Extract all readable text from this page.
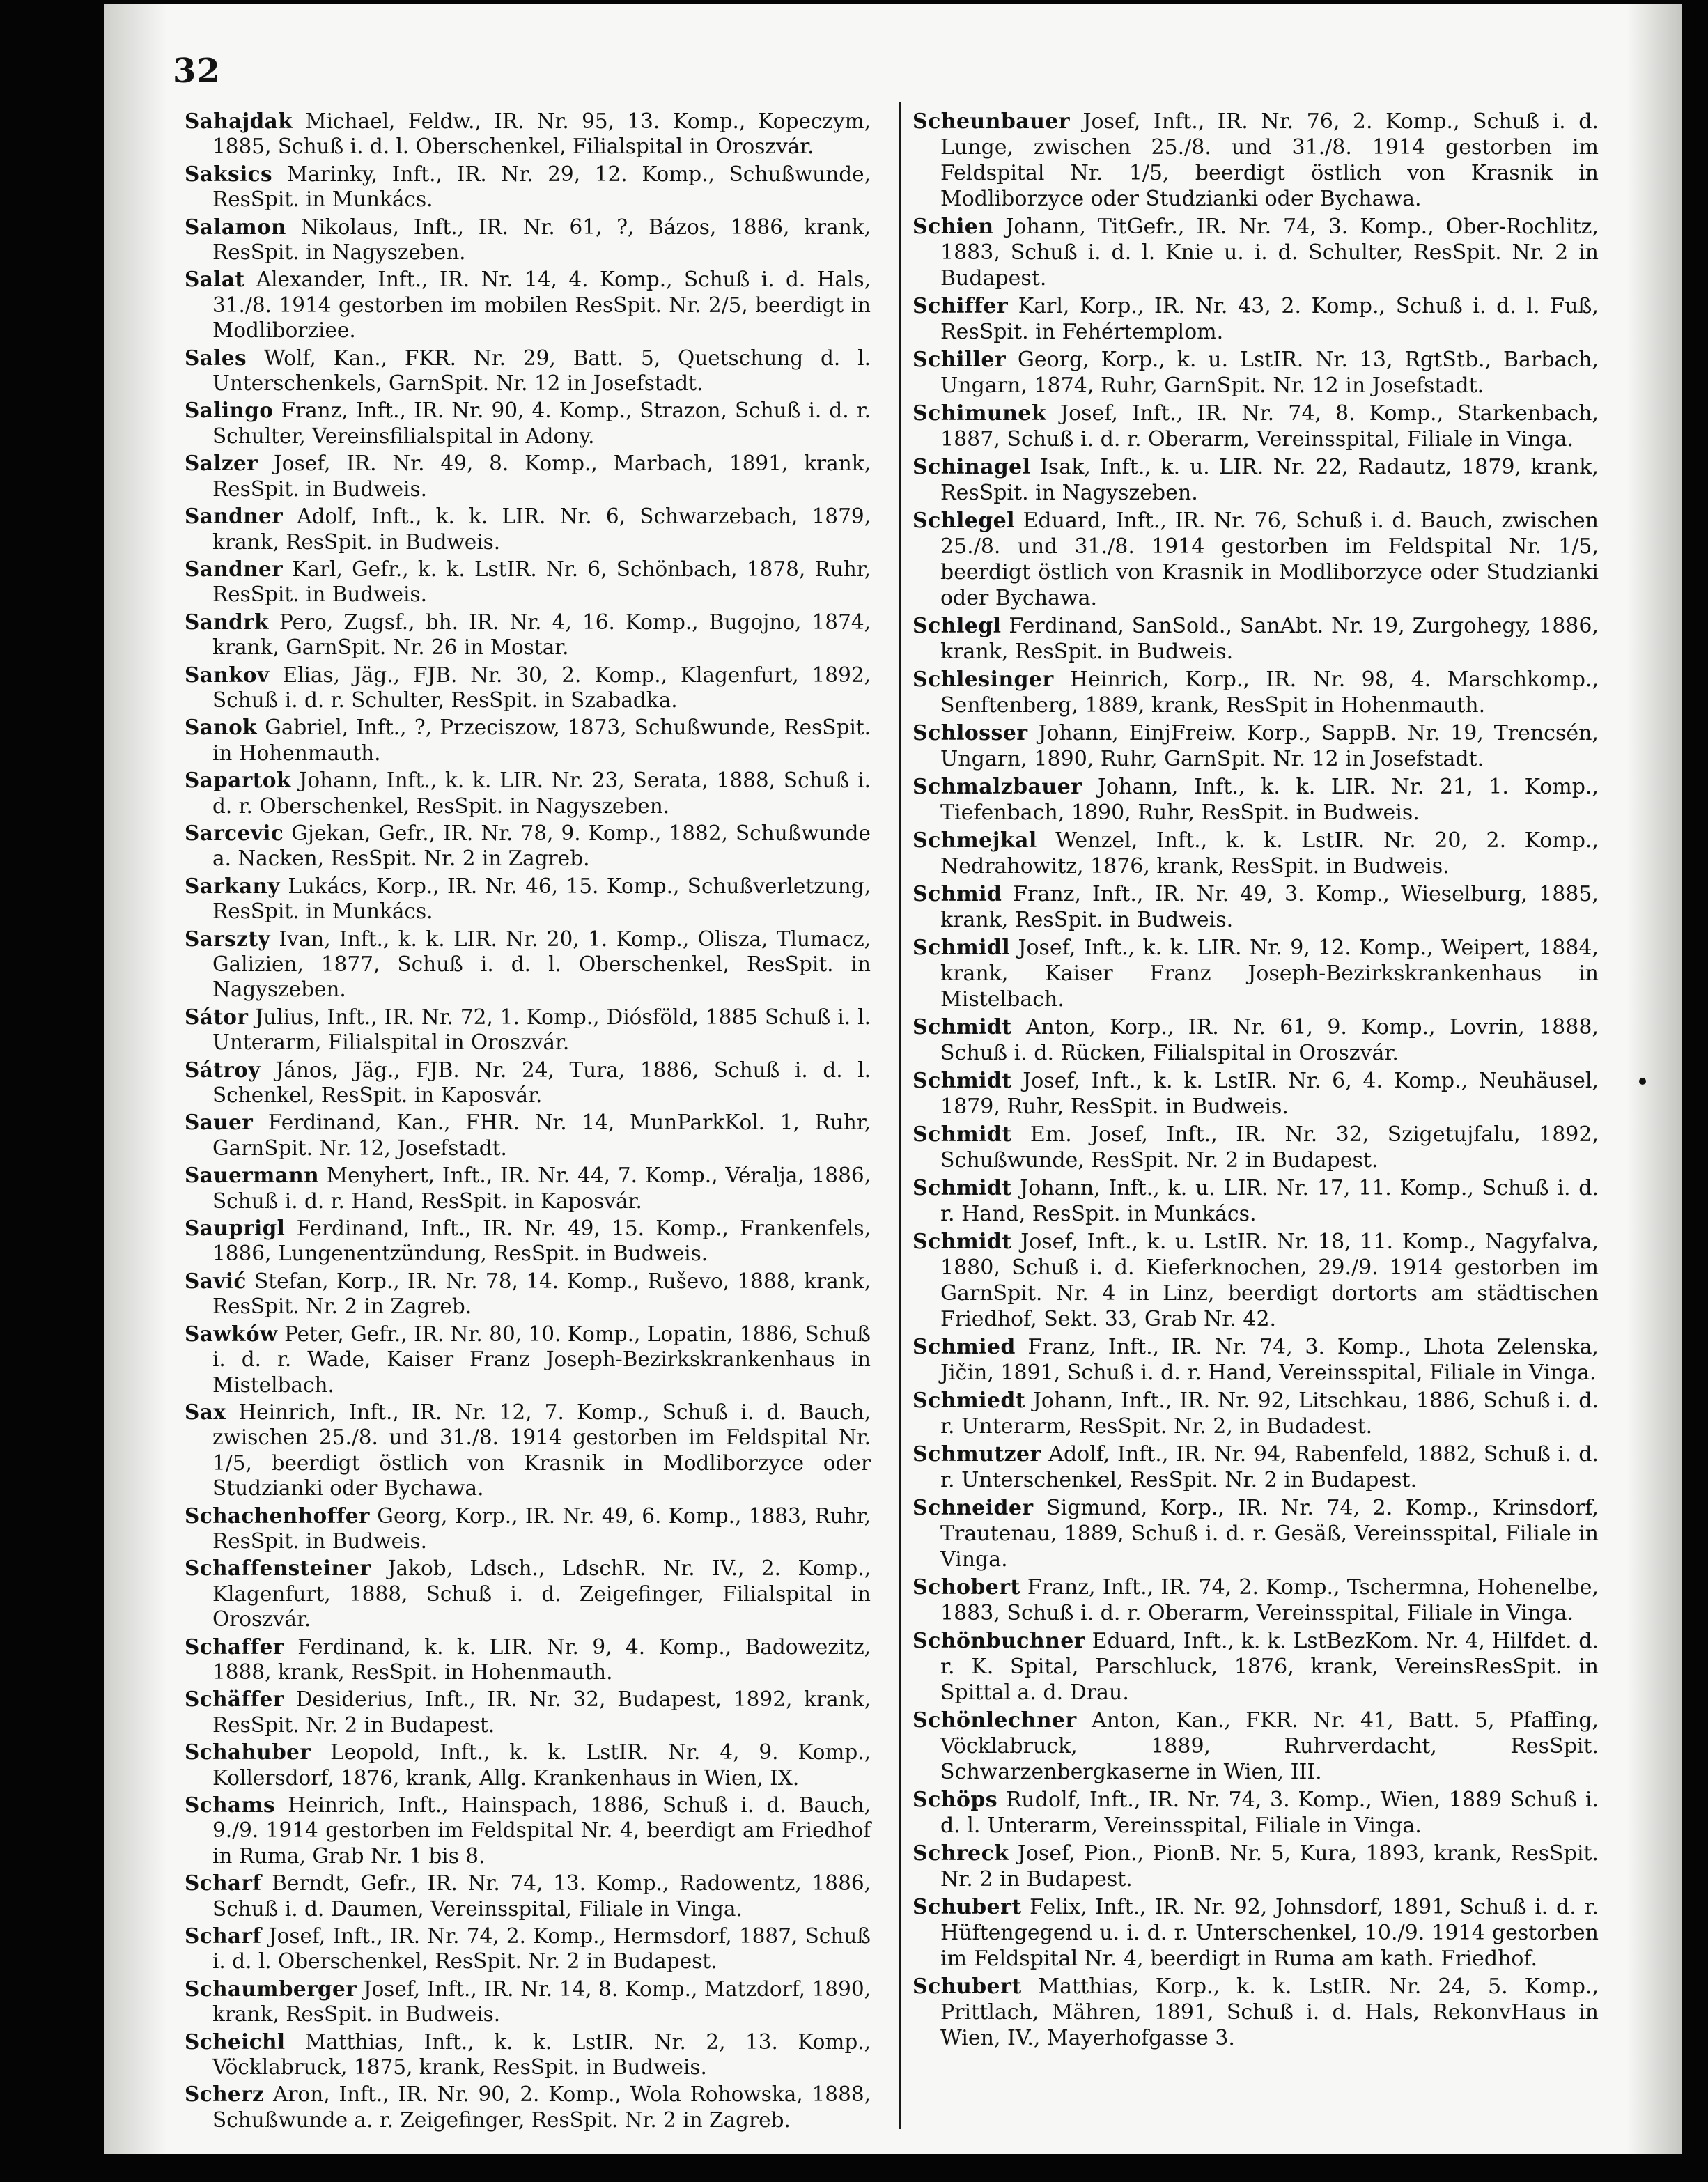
32

Sahajdak Michael, Feldw., IR. Nr. 95, 13. Komp., Kopeczym, 1885, Schuß i. d. l. Oberschenkel, Filialspital in Oroszvár.

Saksics Marinky, Inft., IR. Nr. 29, 12. Komp., Schußwunde, ResSpit. in Munkács.

Salamon Nikolaus, Inft., IR. Nr. 61, ?, Bázos, 1886, krank, ResSpit. in Nagyszeben.

Salat Alexander, Inft., IR. Nr. 14, 4. Komp., Schuß i. d. Hals, 31./8. 1914 gestorben im mobilen ResSpit. Nr. 2/5, beerdigt in Modliborziee.

Sales Wolf, Kan., FKR. Nr. 29, Batt. 5, Quetschung d. l. Unterschenkels, GarnSpit. Nr. 12 in Josefstadt.

Salingo Franz, Inft., IR. Nr. 90, 4. Komp., Strazon, Schuß i. d. r. Schulter, Vereinsfilialspital in Adony.

Salzer Josef, IR. Nr. 49, 8. Komp., Marbach, 1891, krank, ResSpit. in Budweis.

Sandner Adolf, Inft., k. k. LIR. Nr. 6, Schwarzebach, 1879, krank, ResSpit. in Budweis.

Sandner Karl, Gefr., k. k. LstIR. Nr. 6, Schönbach, 1878, Ruhr, ResSpit. in Budweis.

Sandrk Pero, Zugsf., bh. IR. Nr. 4, 16. Komp., Bugojno, 1874, krank, GarnSpit. Nr. 26 in Mostar.

Sankov Elias, Jäg., FJB. Nr. 30, 2. Komp., Klagenfurt, 1892, Schuß i. d. r. Schulter, ResSpit. in Szabadka.

Sanok Gabriel, Inft., ?, Przeciszow, 1873, Schußwunde, ResSpit. in Hohenmauth.

Sapartok Johann, Inft., k. k. LIR. Nr. 23, Serata, 1888, Schuß i. d. r. Oberschenkel, ResSpit. in Nagyszeben.

Sarcevic Gjekan, Gefr., IR. Nr. 78, 9. Komp., 1882, Schußwunde a. Nacken, ResSpit. Nr. 2 in Zagreb.

Sarkany Lukács, Korp., IR. Nr. 46, 15. Komp., Schußverletzung, ResSpit. in Munkács.

Sarszty Ivan, Inft., k. k. LIR. Nr. 20, 1. Komp., Olisza, Tlumacz, Galizien, 1877, Schuß i. d. l. Oberschenkel, ResSpit. in Nagyszeben.

Sátor Julius, Inft., IR. Nr. 72, 1. Komp., Diósföld, 1885 Schuß i. l. Unterarm, Filialspital in Oroszvár.

Sátroy János, Jäg., FJB. Nr. 24, Tura, 1886, Schuß i. d. l. Schenkel, ResSpit. in Kaposvár.

Sauer Ferdinand, Kan., FHR. Nr. 14, MunParkKol. 1, Ruhr, GarnSpit. Nr. 12, Josefstadt.

Sauermann Menyhert, Inft., IR. Nr. 44, 7. Komp., Véralja, 1886, Schuß i. d. r. Hand, ResSpit. in Kaposvár.

Sauprigl Ferdinand, Inft., IR. Nr. 49, 15. Komp., Frankenfels, 1886, Lungenentzündung, ResSpit. in Budweis.

Savić Stefan, Korp., IR. Nr. 78, 14. Komp., Ruševo, 1888, krank, ResSpit. Nr. 2 in Zagreb.

Sawków Peter, Gefr., IR. Nr. 80, 10. Komp., Lopatin, 1886, Schuß i. d. r. Wade, Kaiser Franz Joseph-Bezirkskrankenhaus in Mistelbach.

Sax Heinrich, Inft., IR. Nr. 12, 7. Komp., Schuß i. d. Bauch, zwischen 25./8. und 31./8. 1914 gestorben im Feldspital Nr. 1/5, beerdigt östlich von Krasnik in Modliborzyce oder Studzianki oder Bychawa.

Schachenhoffer Georg, Korp., IR. Nr. 49, 6. Komp., 1883, Ruhr, ResSpit. in Budweis.

Schaffensteiner Jakob, Ldsch., LdschR. Nr. IV., 2. Komp., Klagenfurt, 1888, Schuß i. d. Zeigefinger, Filialspital in Oroszvár.

Schaffer Ferdinand, k. k. LIR. Nr. 9, 4. Komp., Badowezitz, 1888, krank, ResSpit. in Hohenmauth.

Schäffer Desiderius, Inft., IR. Nr. 32, Budapest, 1892, krank, ResSpit. Nr. 2 in Budapest.

Schahuber Leopold, Inft., k. k. LstIR. Nr. 4, 9. Komp., Kollersdorf, 1876, krank, Allg. Krankenhaus in Wien, IX.

Schams Heinrich, Inft., Hainspach, 1886, Schuß i. d. Bauch, 9./9. 1914 gestorben im Feldspital Nr. 4, beerdigt am Friedhof in Ruma, Grab Nr. 1 bis 8.

Scharf Berndt, Gefr., IR. Nr. 74, 13. Komp., Radowentz, 1886, Schuß i. d. Daumen, Vereinsspital, Filiale in Vinga.

Scharf Josef, Inft., IR. Nr. 74, 2. Komp., Hermsdorf, 1887, Schuß i. d. l. Oberschenkel, ResSpit. Nr. 2 in Budapest.

Schaumberger Josef, Inft., IR. Nr. 14, 8. Komp., Matzdorf, 1890, krank, ResSpit. in Budweis.

Scheichl Matthias, Inft., k. k. LstIR. Nr. 2, 13. Komp., Vöcklabruck, 1875, krank, ResSpit. in Budweis.

Scherz Aron, Inft., IR. Nr. 90, 2. Komp., Wola Rohowska, 1888, Schußwunde a. r. Zeigefinger, ResSpit. Nr. 2 in Zagreb.

Scheunbauer Josef, Inft., IR. Nr. 76, 2. Komp., Schuß i. d. Lunge, zwischen 25./8. und 31./8. 1914 gestorben im Feldspital Nr. 1/5, beerdigt östlich von Krasnik in Modliborzyce oder Studzianki oder Bychawa.

Schien Johann, TitGefr., IR. Nr. 74, 3. Komp., Ober-Rochlitz, 1883, Schuß i. d. l. Knie u. i. d. Schulter, ResSpit. Nr. 2 in Budapest.

Schiffer Karl, Korp., IR. Nr. 43, 2. Komp., Schuß i. d. l. Fuß, ResSpit. in Fehértemplom.

Schiller Georg, Korp., k. u. LstIR. Nr. 13, RgtStb., Barbach, Ungarn, 1874, Ruhr, GarnSpit. Nr. 12 in Josefstadt.

Schimunek Josef, Inft., IR. Nr. 74, 8. Komp., Starkenbach, 1887, Schuß i. d. r. Oberarm, Vereinsspital, Filiale in Vinga.

Schinagel Isak, Inft., k. u. LIR. Nr. 22, Radautz, 1879, krank, ResSpit. in Nagyszeben.

Schlegel Eduard, Inft., IR. Nr. 76, Schuß i. d. Bauch, zwischen 25./8. und 31./8. 1914 gestorben im Feldspital Nr. 1/5, beerdigt östlich von Krasnik in Modliborzyce oder Studzianki oder Bychawa.

Schlegl Ferdinand, SanSold., SanAbt. Nr. 19, Zurgohegy, 1886, krank, ResSpit. in Budweis.

Schlesinger Heinrich, Korp., IR. Nr. 98, 4. Marschkomp., Senftenberg, 1889, krank, ResSpit in Hohenmauth.

Schlosser Johann, EinjFreiw. Korp., SappB. Nr. 19, Trencsén, Ungarn, 1890, Ruhr, GarnSpit. Nr. 12 in Josefstadt.

Schmalzbauer Johann, Inft., k. k. LIR. Nr. 21, 1. Komp., Tiefenbach, 1890, Ruhr, ResSpit. in Budweis.

Schmejkal Wenzel, Inft., k. k. LstIR. Nr. 20, 2. Komp., Nedrahowitz, 1876, krank, ResSpit. in Budweis.

Schmid Franz, Inft., IR. Nr. 49, 3. Komp., Wieselburg, 1885, krank, ResSpit. in Budweis.

Schmidl Josef, Inft., k. k. LIR. Nr. 9, 12. Komp., Weipert, 1884, krank, Kaiser Franz Joseph-Bezirkskrankenhaus in Mistelbach.

Schmidt Anton, Korp., IR. Nr. 61, 9. Komp., Lovrin, 1888, Schuß i. d. Rücken, Filialspital in Oroszvár.

Schmidt Josef, Inft., k. k. LstIR. Nr. 6, 4. Komp., Neuhäusel, 1879, Ruhr, ResSpit. in Budweis.

Schmidt Em. Josef, Inft., IR. Nr. 32, Szigetujfalu, 1892, Schußwunde, ResSpit. Nr. 2 in Budapest.

Schmidt Johann, Inft., k. u. LIR. Nr. 17, 11. Komp., Schuß i. d. r. Hand, ResSpit. in Munkács.

Schmidt Josef, Inft., k. u. LstIR. Nr. 18, 11. Komp., Nagyfalva, 1880, Schuß i. d. Kieferknochen, 29./9. 1914 gestorben im GarnSpit. Nr. 4 in Linz, beerdigt dortorts am städtischen Friedhof, Sekt. 33, Grab Nr. 42.

Schmied Franz, Inft., IR. Nr. 74, 3. Komp., Lhota Zelenska, Jičin, 1891, Schuß i. d. r. Hand, Vereinsspital, Filiale in Vinga.

Schmiedt Johann, Inft., IR. Nr. 92, Litschkau, 1886, Schuß i. d. r. Unterarm, ResSpit. Nr. 2, in Budadest.

Schmutzer Adolf, Inft., IR. Nr. 94, Rabenfeld, 1882, Schuß i. d. r. Unterschenkel, ResSpit. Nr. 2 in Budapest.

Schneider Sigmund, Korp., IR. Nr. 74, 2. Komp., Krinsdorf, Trautenau, 1889, Schuß i. d. r. Gesäß, Vereinsspital, Filiale in Vinga.

Schobert Franz, Inft., IR. 74, 2. Komp., Tschermna, Hohenelbe, 1883, Schuß i. d. r. Oberarm, Vereinsspital, Filiale in Vinga.

Schönbuchner Eduard, Inft., k. k. LstBezKom. Nr. 4, Hilfdet. d. r. K. Spital, Parschluck, 1876, krank, VereinsResSpit. in Spittal a. d. Drau.

Schönlechner Anton, Kan., FKR. Nr. 41, Batt. 5, Pfaffing, Vöcklabruck, 1889, Ruhrverdacht, ResSpit. Schwarzenbergkaserne in Wien, III.

Schöps Rudolf, Inft., IR. Nr. 74, 3. Komp., Wien, 1889 Schuß i. d. l. Unterarm, Vereinsspital, Filiale in Vinga.

Schreck Josef, Pion., PionB. Nr. 5, Kura, 1893, krank, ResSpit. Nr. 2 in Budapest.

Schubert Felix, Inft., IR. Nr. 92, Johnsdorf, 1891, Schuß i. d. r. Hüftengegend u. i. d. r. Unterschenkel, 10./9. 1914 gestorben im Feldspital Nr. 4, beerdigt in Ruma am kath. Friedhof.

Schubert Matthias, Korp., k. k. LstIR. Nr. 24, 5. Komp., Prittlach, Mähren, 1891, Schuß i. d. Hals, RekonvHaus in Wien, IV., Mayerhofgasse 3.
